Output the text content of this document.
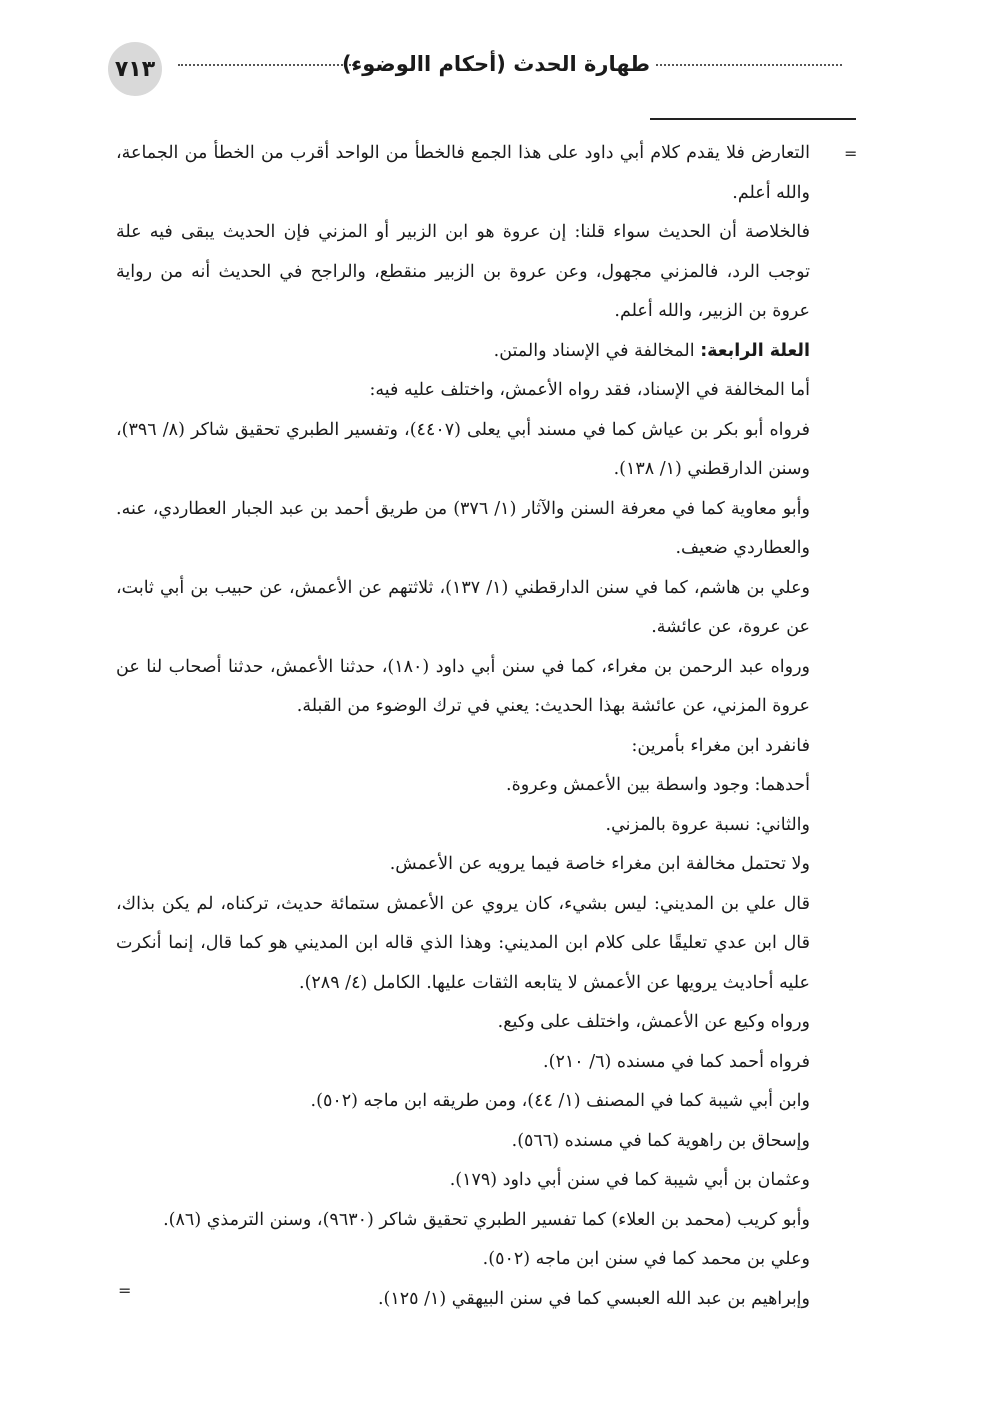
٧١٣	طهارة الحدث (أحكام االوضوء)
=
=

التعارض فلا يقدم كلام أبي داود على هذا الجمع فالخطأ من الواحد أقرب من الخطأ من الجماعة، والله أعلم.

فالخلاصة أن الحديث سواء قلنا: إن عروة هو ابن الزبير أو المزني فإن الحديث يبقى فيه علة توجب الرد، فالمزني مجهول، وعن عروة بن الزبير منقطع، والراجح في الحديث أنه من رواية عروة بن الزبير، والله أعلم.

العلة الرابعة: المخالفة في الإسناد والمتن.

أما المخالفة في الإسناد، فقد رواه الأعمش، واختلف عليه فيه:

فرواه أبو بكر بن عياش كما في مسند أبي يعلى (٤٤٠٧)، وتفسير الطبري تحقيق شاكر (٨/ ٣٩٦)، وسنن الدارقطني (١/ ١٣٨).

وأبو معاوية كما في معرفة السنن والآثار (١/ ٣٧٦) من طريق أحمد بن عبد الجبار العطاردي، عنه. والعطاردي ضعيف.

وعلي بن هاشم، كما في سنن الدارقطني (١/ ١٣٧)، ثلاثتهم عن الأعمش، عن حبيب بن أبي ثابت، عن عروة، عن عائشة.

ورواه عبد الرحمن بن مغراء، كما في سنن أبي داود (١٨٠)، حدثنا الأعمش، حدثنا أصحاب لنا عن عروة المزني، عن عائشة بهذا الحديث: يعني في ترك الوضوء من القبلة.

فانفرد ابن مغراء بأمرين:

أحدهما: وجود واسطة بين الأعمش وعروة.

والثاني: نسبة عروة بالمزني.

ولا تحتمل مخالفة ابن مغراء خاصة فيما يرويه عن الأعمش.

قال علي بن المديني: ليس بشيء، كان يروي عن الأعمش ستمائة حديث، تركناه، لم يكن بذاك، قال ابن عدي تعليقًا على كلام ابن المديني: وهذا الذي قاله ابن المديني هو كما قال، إنما أنكرت عليه أحاديث يرويها عن الأعمش لا يتابعه الثقات عليها. الكامل (٤/ ٢٨٩).

ورواه وكيع عن الأعمش، واختلف على وكيع.

فرواه أحمد كما في مسنده (٦/ ٢١٠).

وابن أبي شيبة كما في المصنف (١/ ٤٤)، ومن طريقه ابن ماجه (٥٠٢).

وإسحاق بن راهوية كما في مسنده (٥٦٦).

وعثمان بن أبي شيبة كما في سنن أبي داود (١٧٩).

وأبو كريب (محمد بن العلاء) كما تفسير الطبري تحقيق شاكر (٩٦٣٠)، وسنن الترمذي (٨٦).

وعلي بن محمد كما في سنن ابن ماجه (٥٠٢).

وإبراهيم بن عبد الله العبسي كما في سنن البيهقي (١/ ١٢٥).
